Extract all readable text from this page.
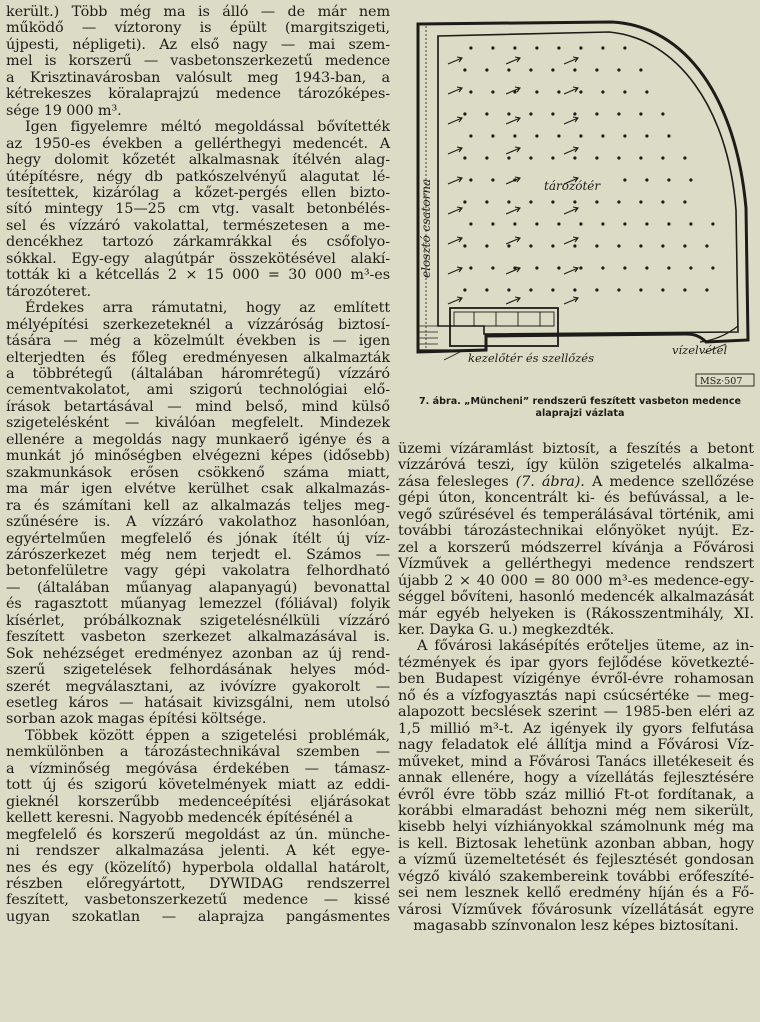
került.) Több még ma is álló — de már nem
működő — víztorony is épült (margitszigeti,
újpesti, népligeti). Az első nagy — mai szem-
mel is korszerű — vasbetonszerkezetű medence
a Krisztinavárosban valósult meg 1943-ban, a
kétrekeszes köralaprajzú medence tározóképes-
sége 19 000 m³.
Igen figyelemre méltó megoldással bővítették
az 1950-es években a gellérthegyi medencét. A
hegy dolomit kőzetét alkalmasnak ítélvén alag-
útépítésre, négy db patkószelvényű alagutat lé-
tesítettek, kizárólag a kőzet-pergés ellen bizto-
sító mintegy 15—25 cm vtg. vasalt betonbélés-
sel és vízzáró vakolattal, természetesen a me-
dencékhez tartozó zárkamrákkal és csőfolyo-
sókkal. Egy-egy alagútpár összekötésével alakí-
tották ki a kétcellás 2 × 15 000 = 30 000 m³-es
tározóteret.
Érdekes arra rámutatni, hogy az említett
mélyépítési szerkezeteknél a vízzáróság biztosí-
tására — még a közelmúlt években is — igen
elterjedten és főleg eredményesen alkalmazták
a többrétegű (általában háromrétegű) vízzáró
cementvakolatot, ami szigorú technológiai elő-
írások betartásával — mind belső, mind külső
szigetelésként — kiválóan megfelelt. Mindezek
ellenére a megoldás nagy munkaerő igénye és a
munkát jó minőségben elvégezni képes (idősebb)
szakmunkások erősen csökkenő száma miatt,
ma már igen elvétve kerülhet csak alkalmazás-
ra és számítani kell az alkalmazás teljes meg-
szűnésére is. A vízzáró vakolathoz hasonlóan,
egyértelműen megfelelő és jónak ítélt új víz-
zárószerkezet még nem terjedt el. Számos —
betonfelületre vagy gépi vakolatra felhordható
— (általában műanyag alapanyagú) bevonattal
és ragasztott műanyag lemezzel (fóliával) folyik
kísérlet, próbálkoznak szigetelésnélküli vízzáró
feszített vasbeton szerkezet alkalmazásával is.
Sok nehézséget eredményez azonban az új rend-
szerű szigetelések felhordásának helyes mód-
szerét megválasztani, az ivóvízre gyakorolt —
esetleg káros — hatásait kivizsgálni, nem utolsó
sorban azok magas építési költsége.
Többek között éppen a szigetelési problémák,
nemkülönben a tározástechnikával szemben —
a vízminőség megóvása érdekében — támasz-
tott új és szigorú követelmények miatt az eddi-
gieknél korszerűbb medenceépítési eljárásokat
kellett keresni. Nagyobb medencék építésénél a
megfelelő és korszerű megoldást az ún. münche-
ni rendszer alkalmazása jelenti. A két egye-
nes és egy (közelítő) hyperbola oldallal határolt,
részben előregyártott, DYWIDAG rendszerrel
feszített, vasbetonszerkezetű medence — kissé
ugyan szokatlan — alaprajza pangásmentes
üzemi vízáramlást biztosít, a feszítés a betont
vízzáróvá teszi, így külön szigetelés alkalma-
zása felesleges (7. ábra). A medence szellőzése
gépi úton, koncentrált ki- és befúvással, a le-
vegő szűrésével és temperálásával történik, ami
további tározástechnikai előnyöket nyújt. Ez-
zel a korszerű módszerrel kívánja a Fővárosi
Vízművek a gellérthegyi medence rendszert
újabb 2 × 40 000 = 80 000 m³-es medence-egy-
séggel bővíteni, hasonló medencék alkalmazását
már egyéb helyeken is (Rákosszentmihály, XI.
ker. Dayka G. u.) megkezdték.
A fővárosi lakásépítés erőteljes üteme, az in-
tézmények és ipar gyors fejlődése következté-
ben Budapest vízigénye évről-évre rohamosan
nő és a vízfogyasztás napi csúcsértéke — meg-
alapozott becslések szerint — 1985-ben eléri az
1,5 millió m³-t. Az igények ily gyors felfutása
nagy feladatok elé állítja mind a Fővárosi Víz-
műveket, mind a Fővárosi Tanács illetékeseit és
annak ellenére, hogy a vízellátás fejlesztésére
évről évre több száz millió Ft-ot fordítanak, a
korábbi elmaradást behozni még nem sikerült,
kisebb helyi vízhiányokkal számolnunk még ma
is kell. Biztosak lehetünk azonban abban, hogy
a vízmű üzemeltetését és fejlesztését gondosan
végző kiváló szakembereink további erőfeszíté-
sei nem lesznek kellő eredmény híján és a Fő-
városi Vízművek fővárosunk vízellátását egyre
magasabb színvonalon lesz képes biztosítani.
tározótér
elosztó csatorna
kezelőtér és szellőzés
vízelvétel
MSz·507
7. ábra. „Müncheni” rendszerű feszített vasbeton medence
alaprajzi vázlata
